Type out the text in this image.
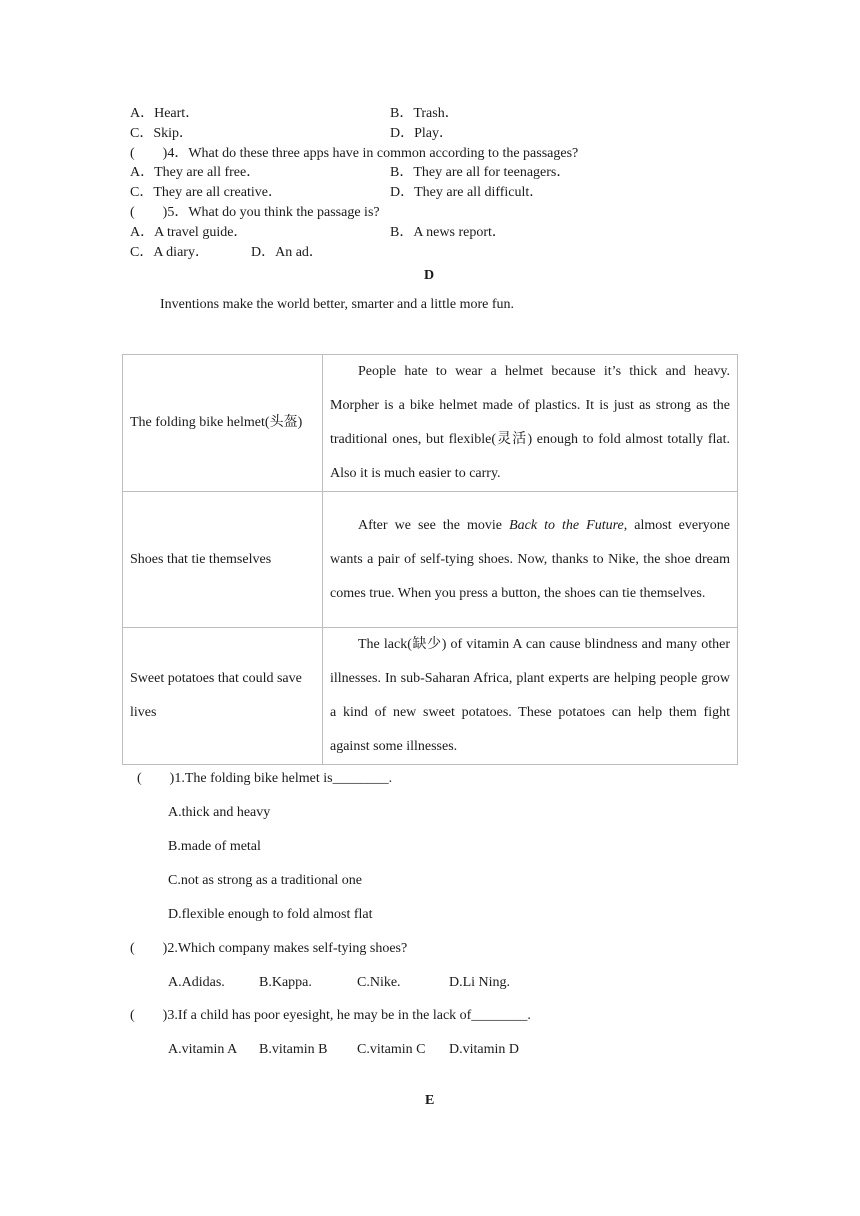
A．Heart．	B．Trash．
C．Skip．	D．Play．
(　　)4．What do these three apps have in common according to the passages?
A．They are all free．	B．They are all for teenagers．
C．They are all creative．	D．They are all difficult．
(　　)5．What do you think the passage is?
A．A travel guide．	B．A news report．
C．A diary．	D．An ad．
D
Inventions make the world better, smarter and a little more fun.
The folding bike helmet(头盔)	People hate to wear a helmet because it’s thick and heavy. Morpher is a bike helmet made of plastics. It is just as strong as the traditional ones, but flexible(灵活) enough to fold almost totally flat. Also it is much easier to carry.

Shoes that tie themselves	After we see the movie Back to the Future, almost everyone wants a pair of self-tying shoes. Now, thanks to Nike, the shoe dream comes true. When you press a button, the shoes can tie themselves.

Sweet potatoes that could save lives	The lack(缺少) of vitamin A can cause blindness and many other illnesses. In sub-Saharan Africa, plant experts are helping people grow a kind of new sweet potatoes. These potatoes can help them fight against some illnesses.
(　　)1.The folding bike helmet is________.
A.thick and heavy
B.made of metal
C.not as strong as a traditional one
D.flexible enough to fold almost flat
(　　)2.Which company makes self-tying shoes?
A.Adidas. B.Kappa.	C.Nike.	D.Li Ning.
(　　)3.If a child has poor eyesight, he may be in the lack of________.
A.vitamin A B.vitamin B C.vitamin C D.vitamin D
E
